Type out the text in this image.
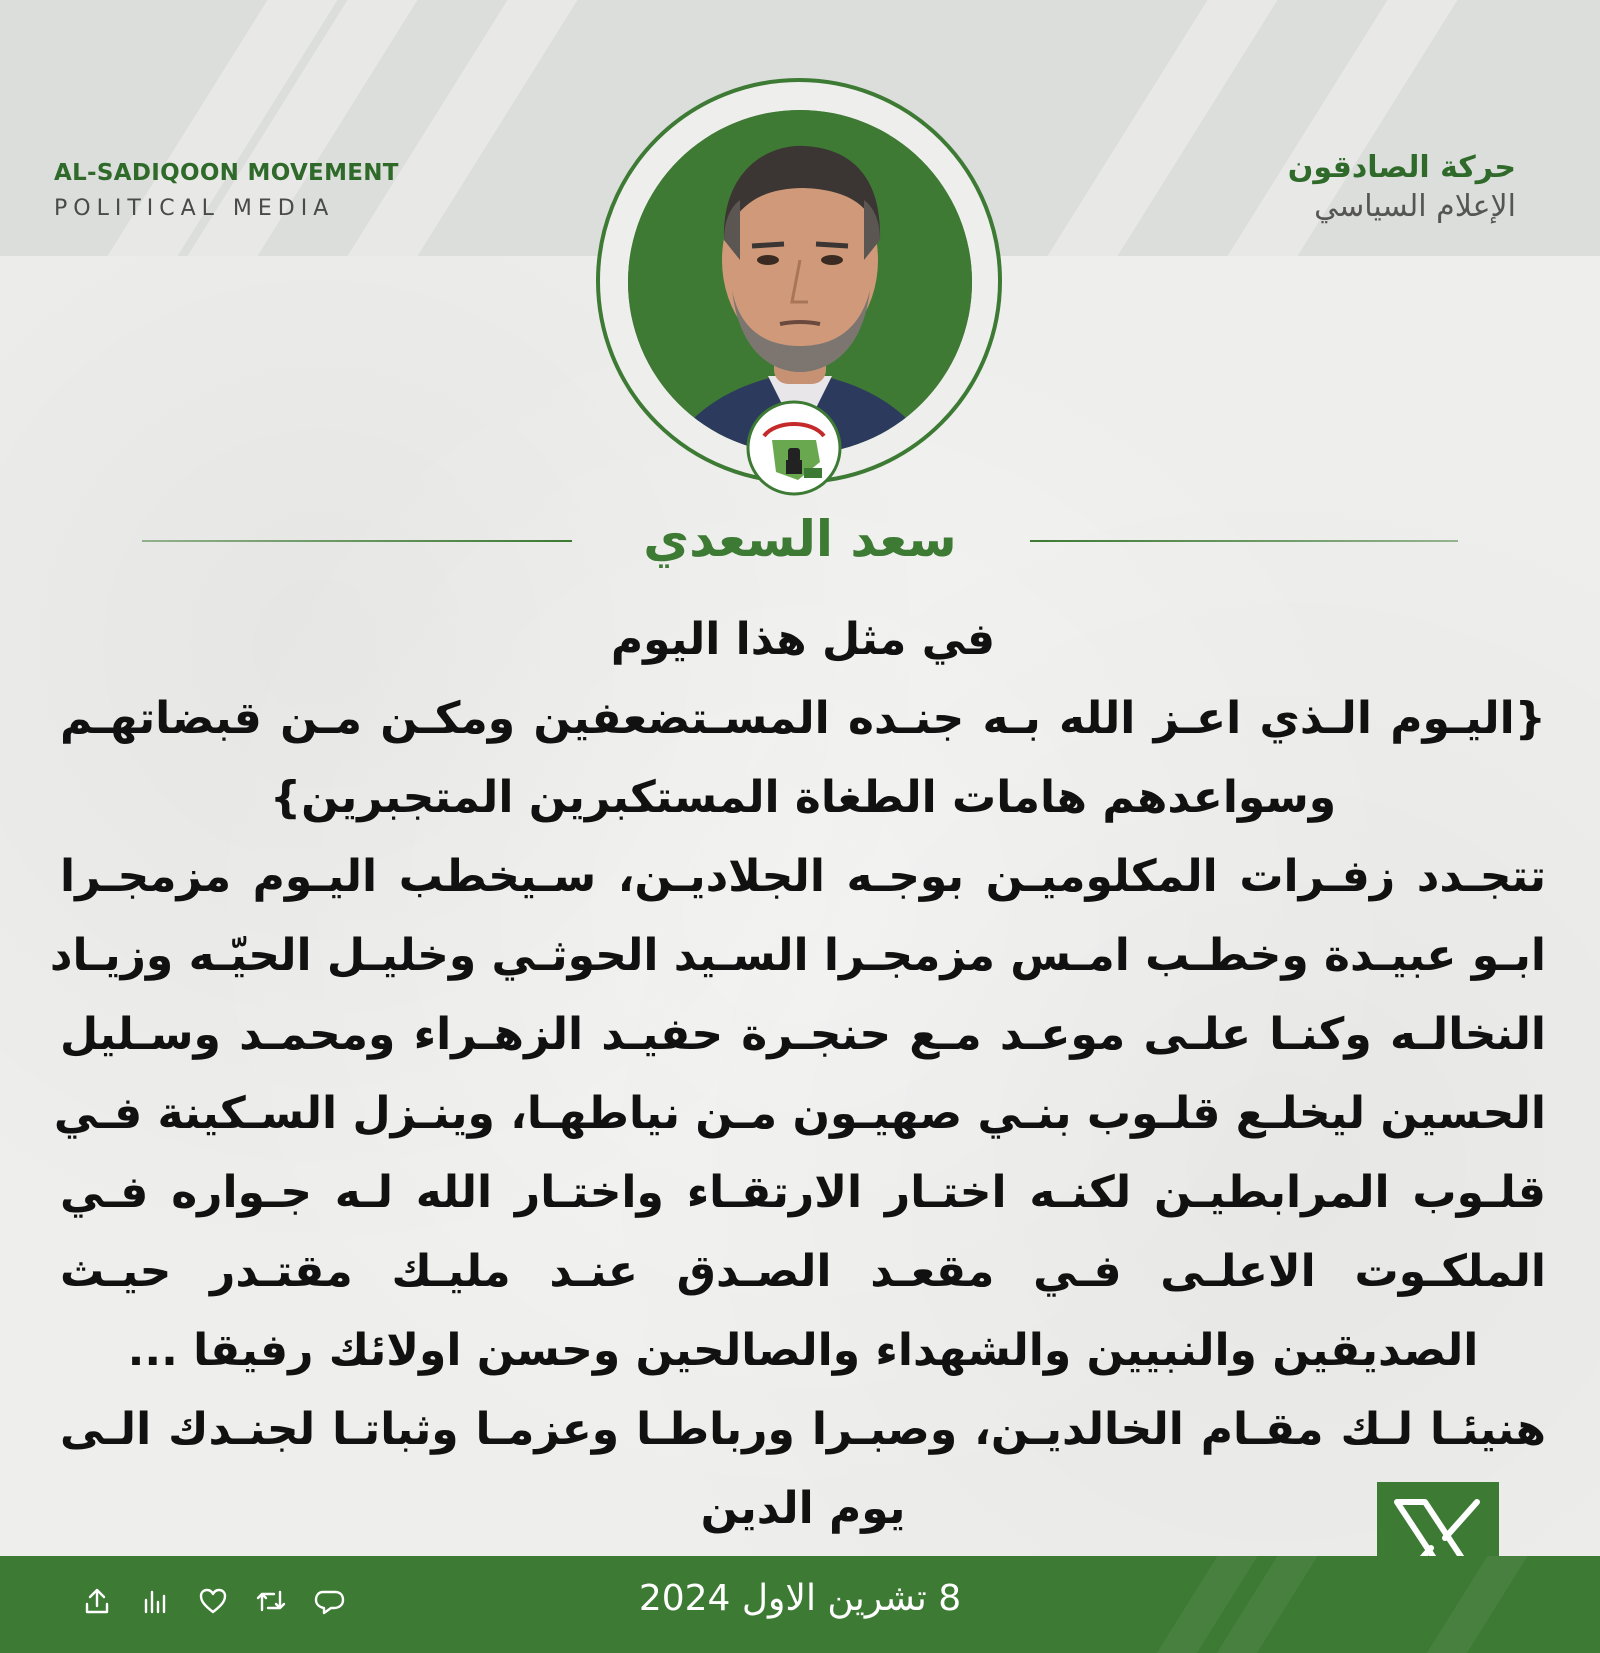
AL-SADIQOON MOVEMENT
POLITICAL MEDIA
حركة الصادقون
الإعلام السياسي
سعد السعدي
في مثل هذا اليوم
{اليـوم الـذي اعـز الله بـه جنـده المسـتضعفين ومكـن مـن قبضاتهـم
وسواعدهم هامات الطغاة المستكبرين المتجبرين}
تتجـدد زفـرات المكلوميـن بوجـه الجلاديـن، سـيخطب اليـوم مزمجـرا
ابـو عبيـدة وخطـب امـس مزمجـرا السـيد الحوثـي وخليـل الحيّـه وزيـاد
النخالـه وكنـا علـى موعـد مـع حنجـرة حفيـد الزهـراء ومحمـد وسـليل
الحسين ليخلـع قلـوب بنـي صهيـون مـن نياطهـا، وينـزل السـكينة فـي
قلـوب المرابطيـن لكنـه اختـار الارتقـاء واختـار الله لـه جـواره فـي
الملكـوت الاعلـى فـي مقعـد الصـدق عنـد مليـك مقتـدر حيـث
الصديقين والنبيين والشهداء والصالحين وحسن اولائك رفيقا ...
هنيئـا لـك مقـام الخالديـن، وصبـرا ورباطـا وعزمـا وثباتـا لجنـدك الـى
يوم الدين
8 تشرين الاول 2024
